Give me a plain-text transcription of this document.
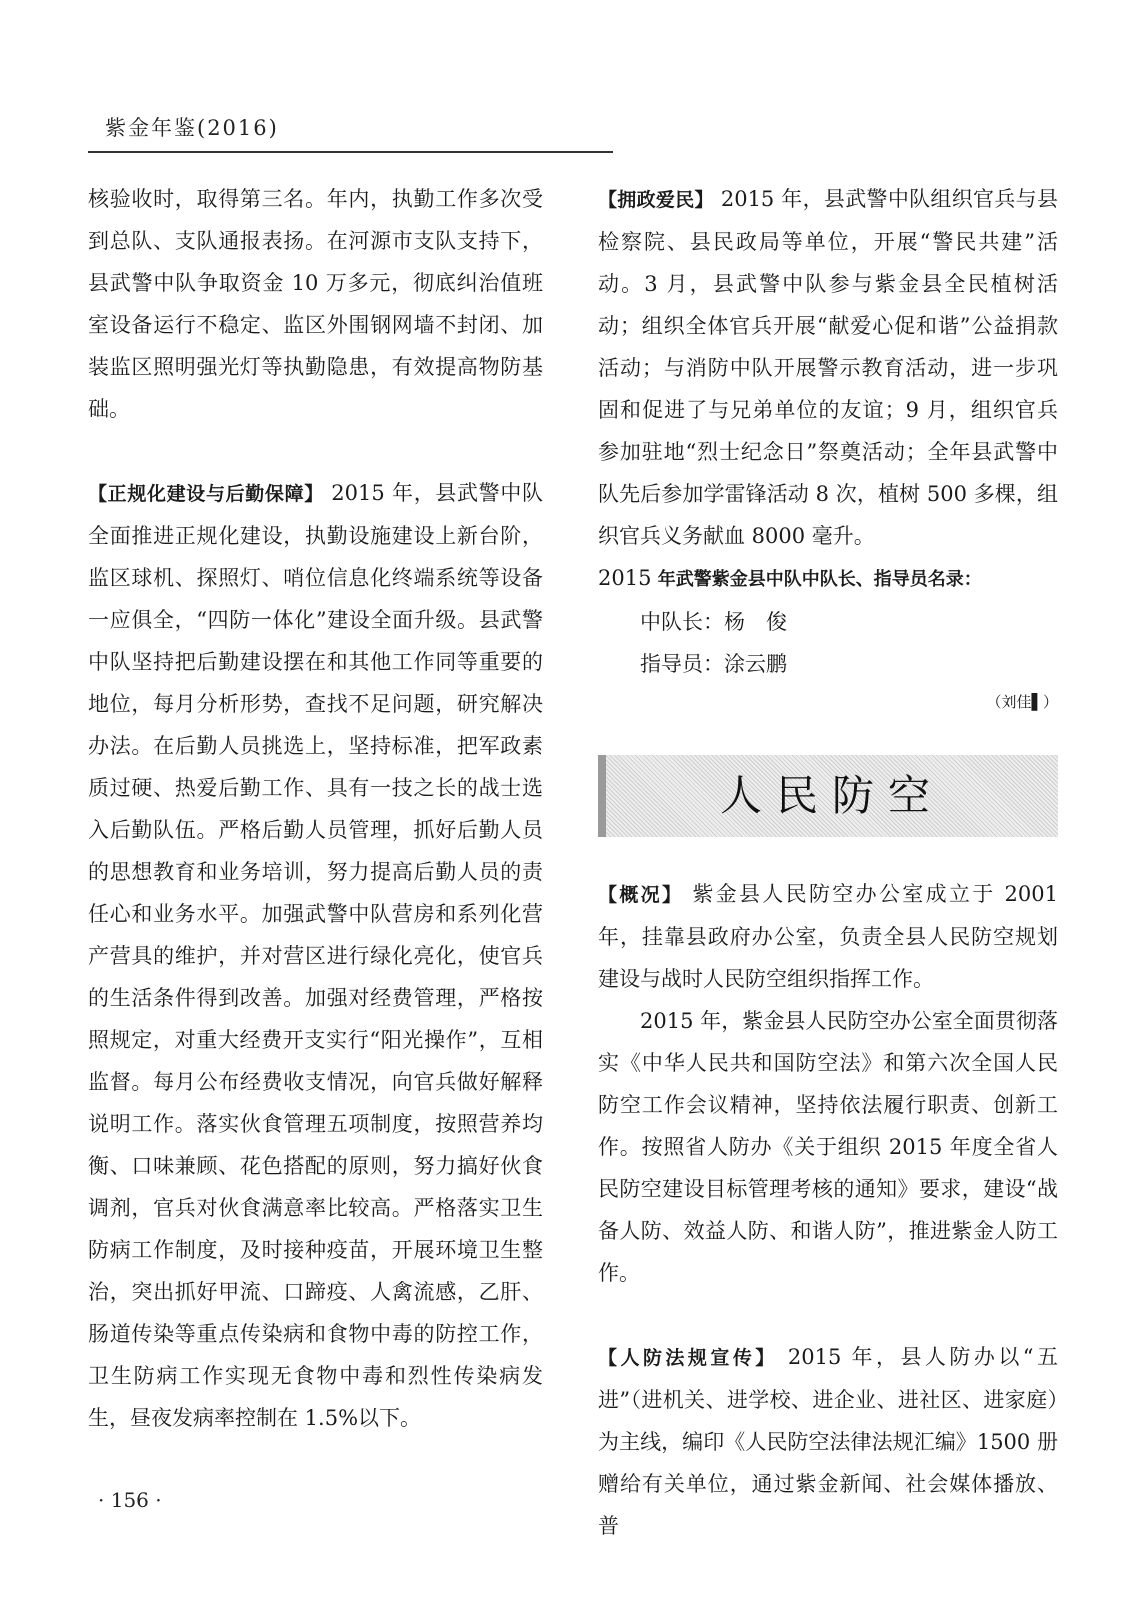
紫金年鉴(2016)

核验收时，取得第三名。年内，执勤工作多次受到总队、支队通报表扬。在河源市支队支持下，县武警中队争取资金 10 万多元，彻底纠治值班室设备运行不稳定、监区外围钢网墙不封闭、加装监区照明强光灯等执勤隐患，有效提高物防基础。

【正规化建设与后勤保障】 2015 年，县武警中队全面推进正规化建设，执勤设施建设上新台阶，监区球机、探照灯、哨位信息化终端系统等设备一应俱全，“四防一体化”建设全面升级。县武警中队坚持把后勤建设摆在和其他工作同等重要的地位，每月分析形势，查找不足问题，研究解决办法。在后勤人员挑选上，坚持标准，把军政素质过硬、热爱后勤工作、具有一技之长的战士选入后勤队伍。严格后勤人员管理，抓好后勤人员的思想教育和业务培训，努力提高后勤人员的责任心和业务水平。加强武警中队营房和系列化营产营具的维护，并对营区进行绿化亮化，使官兵的生活条件得到改善。加强对经费管理，严格按照规定，对重大经费开支实行“阳光操作”，互相监督。每月公布经费收支情况，向官兵做好解释说明工作。落实伙食管理五项制度，按照营养均衡、口味兼顾、花色搭配的原则，努力搞好伙食调剂，官兵对伙食满意率比较高。严格落实卫生防病工作制度，及时接种疫苗，开展环境卫生整治，突出抓好甲流、口蹄疫、人禽流感，乙肝、肠道传染等重点传染病和食物中毒的防控工作，卫生防病工作实现无食物中毒和烈性传染病发生，昼夜发病率控制在 1.5%以下。

【拥政爱民】 2015 年，县武警中队组织官兵与县检察院、县民政局等单位，开展“警民共建”活动。3 月，县武警中队参与紫金县全民植树活动；组织全体官兵开展“献爱心促和谐”公益捐款活动；与消防中队开展警示教育活动，进一步巩固和促进了与兄弟单位的友谊；9 月，组织官兵参加驻地“烈士纪念日”祭奠活动；全年县武警中队先后参加学雷锋活动 8 次，植树 500 多棵，组织官兵义务献血 8000 毫升。

2015 年武警紫金县中队中队长、指导员名录：

中队长：杨　俊

指导员：涂云鹏

（刘佳▌）
人民防空

【概况】 紫金县人民防空办公室成立于 2001 年，挂靠县政府办公室，负责全县人民防空规划建设与战时人民防空组织指挥工作。

2015 年，紫金县人民防空办公室全面贯彻落实《中华人民共和国防空法》和第六次全国人民防空工作会议精神，坚持依法履行职责、创新工作。按照省人防办《关于组织 2015 年度全省人民防空建设目标管理考核的通知》要求，建设“战备人防、效益人防、和谐人防”，推进紫金人防工作。

【人防法规宣传】 2015 年，县人防办以“五进”（进机关、进学校、进企业、进社区、进家庭）为主线，编印《人民防空法律法规汇编》1500 册赠给有关单位，通过紫金新闻、社会媒体播放、普

· 156 ·
